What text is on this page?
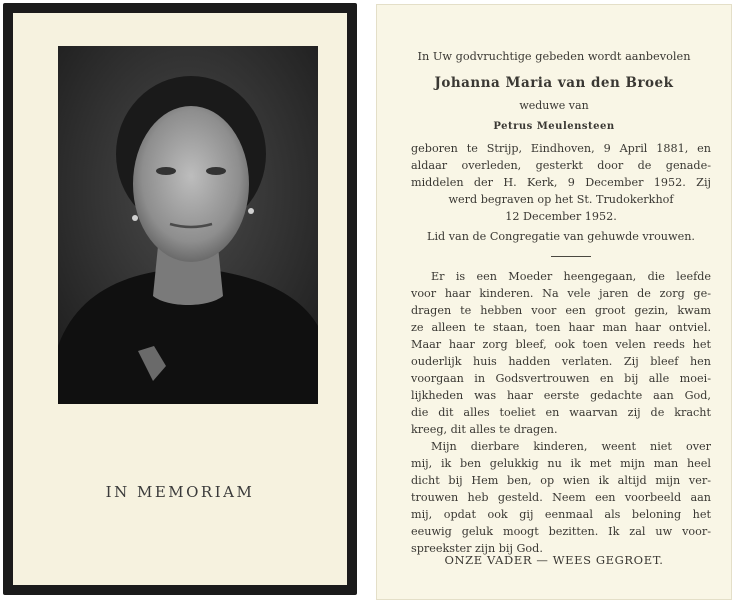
IN MEMORIAM
In Uw godvruchtige gebeden wordt aanbevolen
Johanna Maria van den Broek
weduwe van
Petrus Meulensteen
geboren te Strijp, Eindhoven, 9 April 1881, en
aldaar overleden, gesterkt door de genade-
middelen der H. Kerk, 9 December 1952. Zij
werd begraven op het St. Trudokerkhof
12 December 1952.
Lid van de Congregatie van gehuwde vrouwen.
Er is een Moeder heengegaan, die leefde
voor haar kinderen. Na vele jaren de zorg ge-
dragen te hebben voor een groot gezin, kwam
ze alleen te staan, toen haar man haar ontviel.
Maar haar zorg bleef, ook toen velen reeds het
ouderlijk huis hadden verlaten. Zij bleef hen
voorgaan in Godsvertrouwen en bij alle moei-
lijkheden was haar eerste gedachte aan God,
die dit alles toeliet en waarvan zij de kracht
kreeg, dit alles te dragen.
Mijn dierbare kinderen, weent niet over
mij, ik ben gelukkig nu ik met mijn man heel
dicht bij Hem ben, op wien ik altijd mijn ver-
trouwen heb gesteld. Neem een voorbeeld aan
mij, opdat ook gij eenmaal als beloning het
eeuwig geluk moogt bezitten. Ik zal uw voor-
spreekster zijn bij God.
ONZE VADER — WEES GEGROET.
